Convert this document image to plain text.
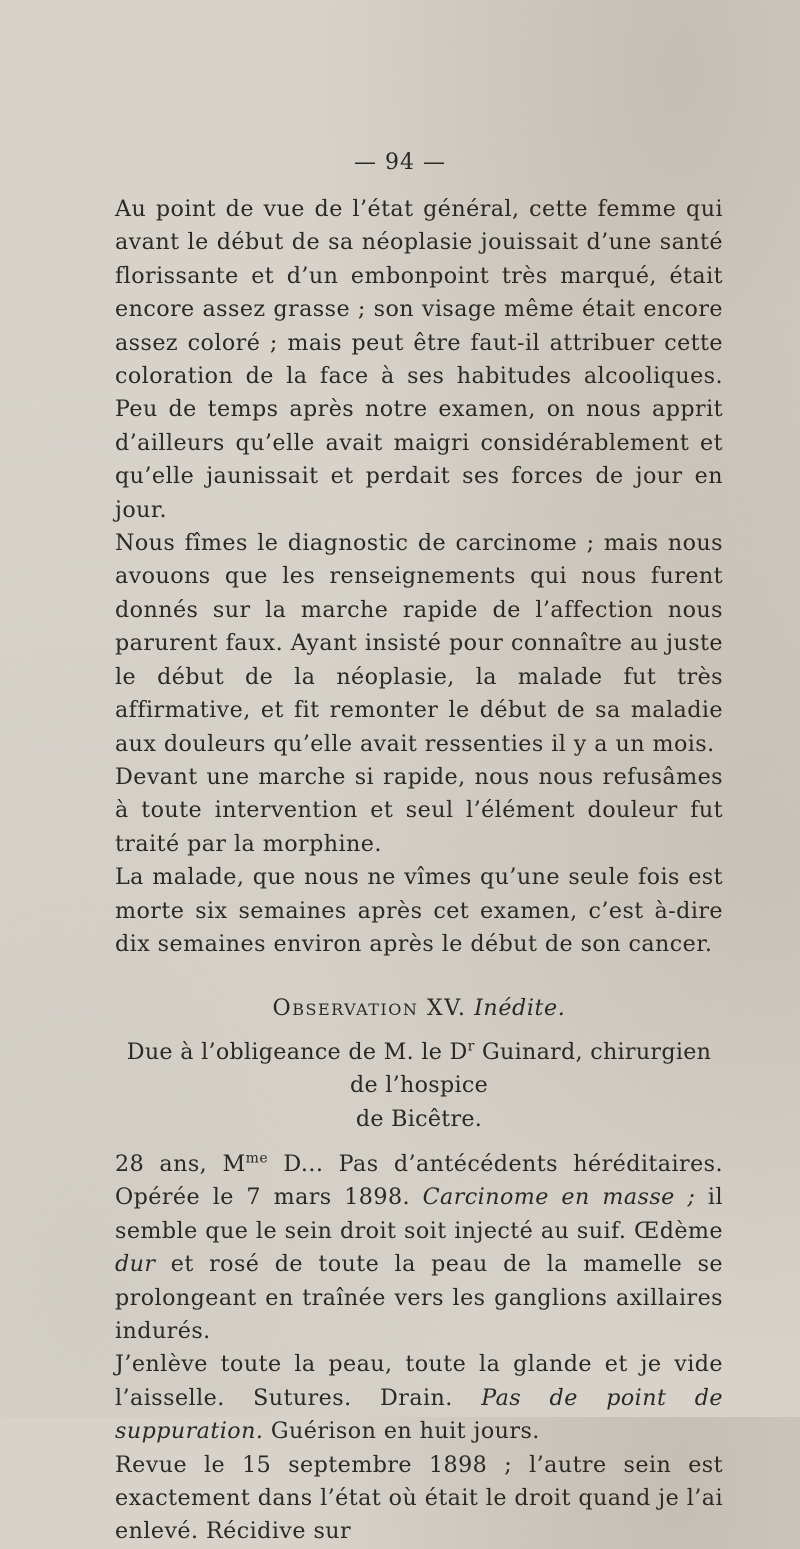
— 94 —

Au point de vue de l’état général, cette femme qui avant le début de sa néoplasie jouissait d’une santé florissante et d’un embonpoint très marqué, était encore assez grasse ; son visage même était encore assez coloré ; mais peut être faut-il attribuer cette coloration de la face à ses habitudes alcooliques. Peu de temps après notre examen, on nous apprit d’ailleurs qu’elle avait maigri considérablement et qu’elle jaunissait et perdait ses forces de jour en jour.

Nous fîmes le diagnostic de carcinome ; mais nous avouons que les renseignements qui nous furent donnés sur la marche rapide de l’affection nous parurent faux. Ayant insisté pour connaître au juste le début de la néoplasie, la malade fut très affirmative, et fit remonter le début de sa maladie aux douleurs qu’elle avait ressenties il y a un mois.

Devant une marche si rapide, nous nous refusâmes à toute intervention et seul l’élément douleur fut traité par la morphine.

La malade, que nous ne vîmes qu’une seule fois est morte six semaines après cet examen, c’est à-dire dix semaines environ après le début de son cancer.

Observation XV. Inédite.
Due à l’obligeance de M. le $D^r$ Guinard, chirurgien de l’hospice
de Bicêtre.

28 ans, $M^{me}$ D... Pas d’antécédents héréditaires. Opérée le 7 mars 1898. Carcinome en masse ; il semble que le sein droit soit injecté au suif. Œdème dur et rosé de toute la peau de la mamelle se prolongeant en traînée vers les ganglions axillaires indurés.

J’enlève toute la peau, toute la glande et je vide l’aisselle. Sutures. Drain. Pas de point de suppuration. Guérison en huit jours.

Revue le 15 septembre 1898 ; l’autre sein est exactement dans l’état où était le droit quand je l’ai enlevé. Récidive sur
